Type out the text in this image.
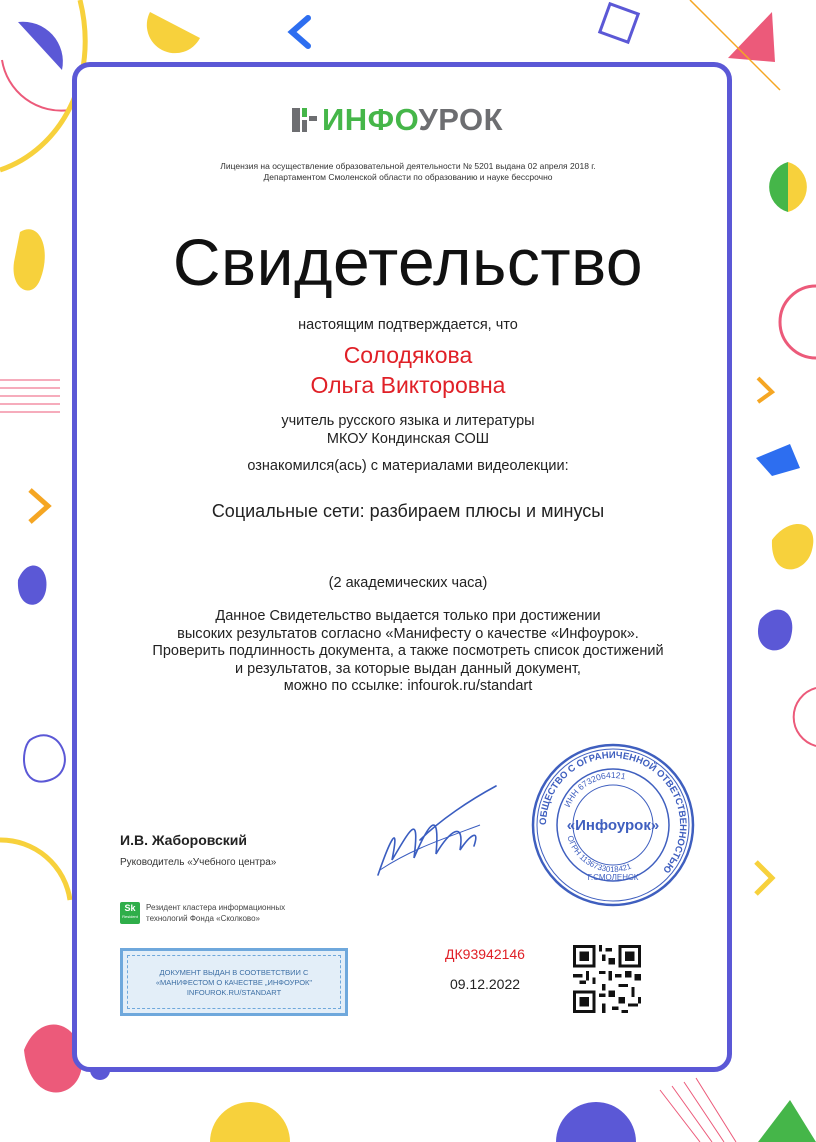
ИНФОУРОК
Лицензия на осуществление образовательной деятельности № 5201 выдана 02 апреля 2018 г.
Департаментом Смоленской области по образованию и науке бессрочно
Свидетельство
настоящим подтверждается, что
Солодякова
Ольга Викторовна
учитель русского языка и литературы
МКОУ Кондинская СОШ
ознакомился(ась) с материалами видеолекции:
Социальные сети: разбираем плюсы и минусы
(2 академических часа)
Данное Свидетельство выдается только при достижении
высоких результатов согласно «Манифесту о качестве «Инфоурок».
Проверить подлинность документа, а также посмотреть список достижений
и результатов, за которые выдан данный документ,
можно по ссылке: infourok.ru/standart
ОБЩЕСТВО С ОГРАНИЧЕННОЙ ОТВЕТСТВЕННОСТЬЮ
ИНН 6732064121
ОГРН 1136733018421
«Инфоурок»
Г.СМОЛЕНСК
И.В. Жаборовский
Руководитель «Учебного центра»
Sk
Resident
Резидент кластера информационных
технологий Фонда «Сколково»
ДОКУМЕНТ ВЫДАН В СООТВЕТСТВИИ С
«МАНИФЕСТОМ О КАЧЕСТВЕ „ИНФОУРОК"
INFOUROK.RU/STANDART
ДК93942146
09.12.2022
